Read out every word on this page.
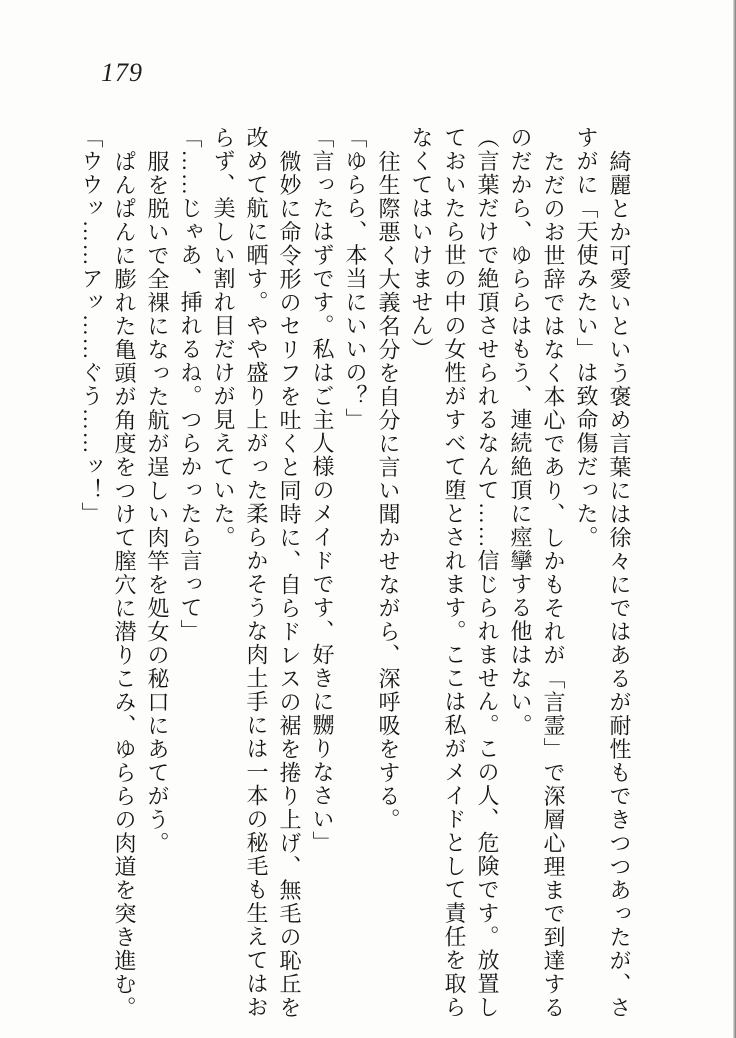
179
綺麗とか可愛いという褒め言葉には徐々にではあるが耐性もできつつあったが、さ
すがに「天使みたい」は致命傷だった。
ただのお世辞ではなく本心であり、しかもそれが「言霊」で深層心理まで到達する
のだから、ゆららはもう、連続絶頂に痙攣する他はない。
（言葉だけで絶頂させられるなんて……信じられません。この人、危険です。放置し
ておいたら世の中の女性がすべて堕とされます。ここは私がメイドとして責任を取ら
なくてはいけません）
往生際悪く大義名分を自分に言い聞かせながら、深呼吸をする。
「ゆらら、本当にいいの？」
「言ったはずです。私はご主人様のメイドです、好きに嬲りなさい」
微妙に命令形のセリフを吐くと同時に、自らドレスの裾を捲り上げ、無毛の恥丘を
改めて航に晒す。やや盛り上がった柔らかそうな肉土手には一本の秘毛も生えてはお
らず、美しい割れ目だけが見えていた。
「……じゃあ、挿れるね。つらかったら言って」
服を脱いで全裸になった航が逞しい肉竿を処女の秘口にあてがう。
ぱんぱんに膨れた亀頭が角度をつけて膣穴に潜りこみ、ゆららの肉道を突き進む。
「ウウッ……アッ……ぐう……ッ！」
